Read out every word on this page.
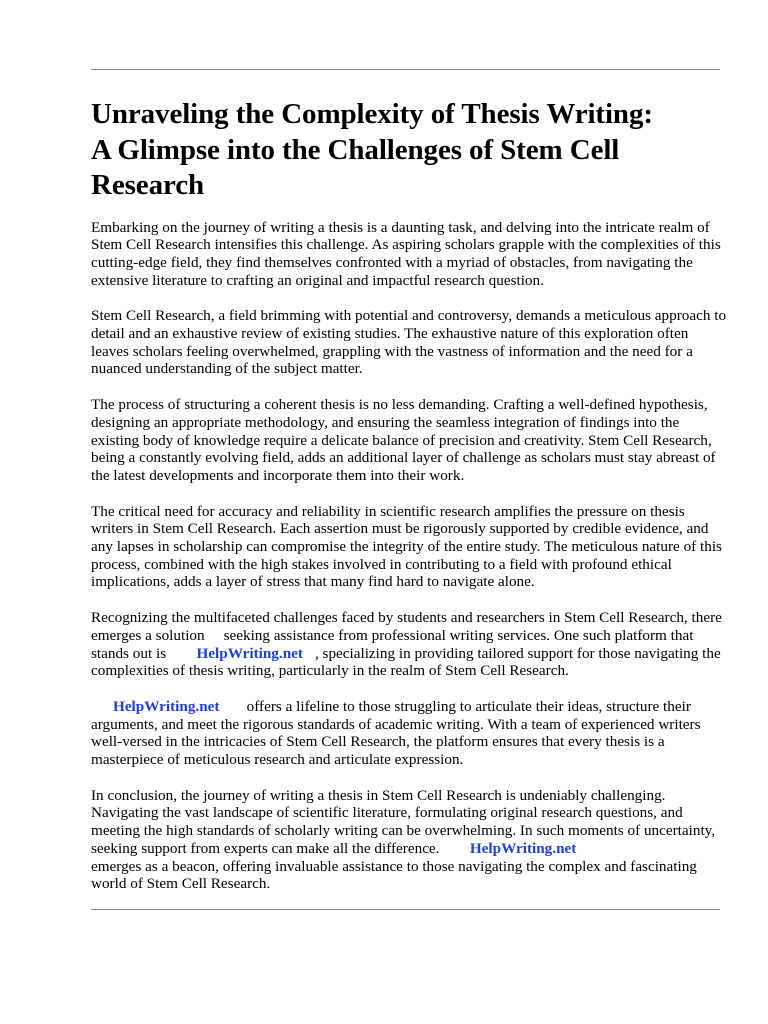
Unraveling the Complexity of Thesis Writing:
A Glimpse into the Challenges of Stem Cell
Research

Embarking on the journey of writing a thesis is a daunting task, and delving into the intricate realm of Stem Cell Research intensifies this challenge. As aspiring scholars grapple with the complexities of this cutting-edge field, they find themselves confronted with a myriad of obstacles, from navigating the extensive literature to crafting an original and impactful research question.

Stem Cell Research, a field brimming with potential and controversy, demands a meticulous approach to detail and an exhaustive review of existing studies. The exhaustive nature of this exploration often leaves scholars feeling overwhelmed, grappling with the vastness of information and the need for a nuanced understanding of the subject matter.

The process of structuring a coherent thesis is no less demanding. Crafting a well-defined hypothesis, designing an appropriate methodology, and ensuring the seamless integration of findings into the existing body of knowledge require a delicate balance of precision and creativity. Stem Cell Research, being a constantly evolving field, adds an additional layer of challenge as scholars must stay abreast of the latest developments and incorporate them into their work.

The critical need for accuracy and reliability in scientific research amplifies the pressure on thesis writers in Stem Cell Research. Each assertion must be rigorously supported by credible evidence, and any lapses in scholarship can compromise the integrity of the entire study. The meticulous nature of this process, combined with the high stakes involved in contributing to a field with profound ethical implications, adds a layer of stress that many find hard to navigate alone.

Recognizing the multifaceted challenges faced by students and researchers in Stem Cell Research, there emerges a solution seeking assistance from professional writing services. One such platform that stands out is HelpWriting.net , specializing in providing tailored support for those navigating the complexities of thesis writing, particularly in the realm of Stem Cell Research.

HelpWriting.net offers a lifeline to those struggling to articulate their ideas, structure their arguments, and meet the rigorous standards of academic writing. With a team of experienced writers well-versed in the intricacies of Stem Cell Research, the platform ensures that every thesis is a masterpiece of meticulous research and articulate expression.

In conclusion, the journey of writing a thesis in Stem Cell Research is undeniably challenging. Navigating the vast landscape of scientific literature, formulating original research questions, and meeting the high standards of scholarly writing can be overwhelming. In such moments of uncertainty, seeking support from experts can make all the difference. HelpWriting.net
emerges as a beacon, offering invaluable assistance to those navigating the complex and fascinating world of Stem Cell Research.
